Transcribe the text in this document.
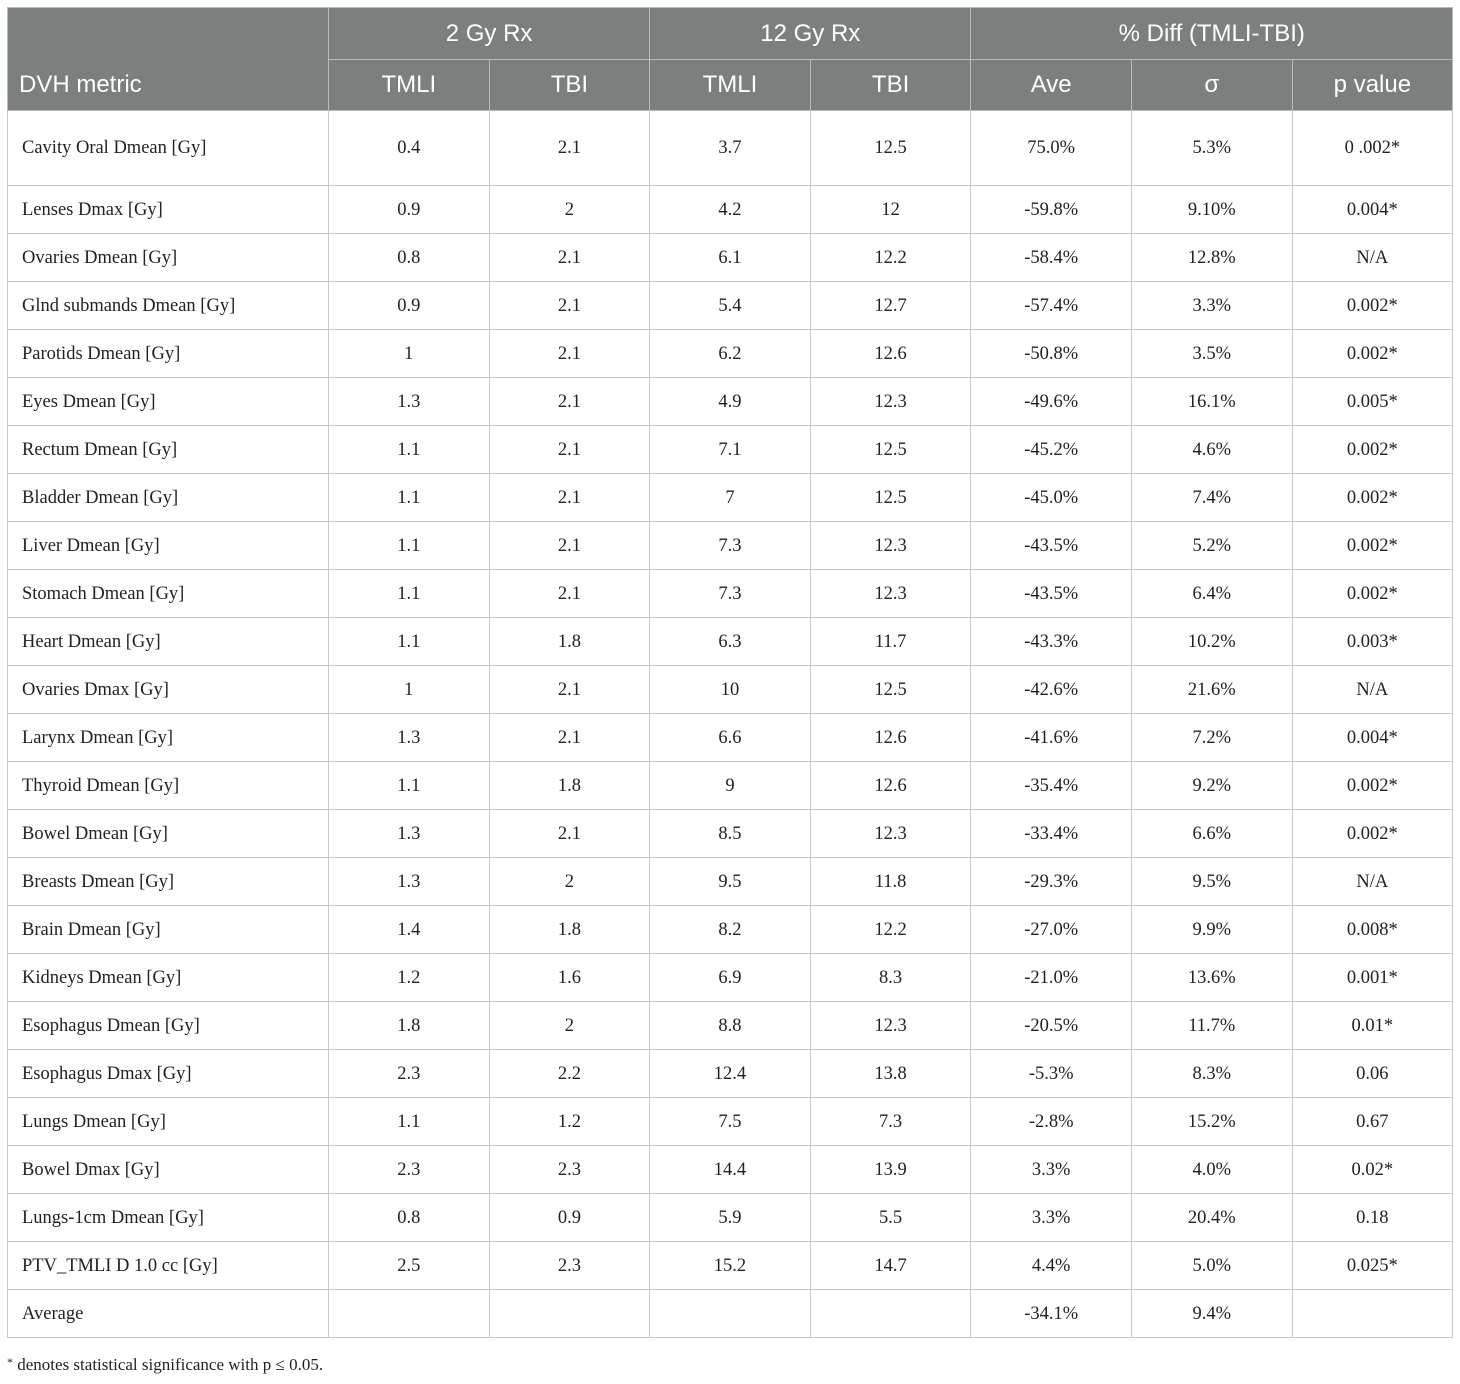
DVH metric	2 Gy Rx		12 Gy Rx		% Diff (TMLI-TBI)		
	TMLI	TBI	TMLI	TBI	Ave	σ	p value
Cavity Oral Dmean [Gy]	0.4	2.1	3.7	12.5	75.0%	5.3%	0 .002*
Lenses Dmax [Gy]	0.9	2	4.2	12	-59.8%	9.10%	0.004*
Ovaries Dmean [Gy]	0.8	2.1	6.1	12.2	-58.4%	12.8%	N/A
Glnd submands Dmean [Gy]	0.9	2.1	5.4	12.7	-57.4%	3.3%	0.002*
Parotids Dmean [Gy]	1	2.1	6.2	12.6	-50.8%	3.5%	0.002*
Eyes Dmean [Gy]	1.3	2.1	4.9	12.3	-49.6%	16.1%	0.005*
Rectum Dmean [Gy]	1.1	2.1	7.1	12.5	-45.2%	4.6%	0.002*
Bladder Dmean [Gy]	1.1	2.1	7	12.5	-45.0%	7.4%	0.002*
Liver Dmean [Gy]	1.1	2.1	7.3	12.3	-43.5%	5.2%	0.002*
Stomach Dmean [Gy]	1.1	2.1	7.3	12.3	-43.5%	6.4%	0.002*
Heart Dmean [Gy]	1.1	1.8	6.3	11.7	-43.3%	10.2%	0.003*
Ovaries Dmax [Gy]	1	2.1	10	12.5	-42.6%	21.6%	N/A
Larynx Dmean [Gy]	1.3	2.1	6.6	12.6	-41.6%	7.2%	0.004*
Thyroid Dmean [Gy]	1.1	1.8	9	12.6	-35.4%	9.2%	0.002*
Bowel Dmean [Gy]	1.3	2.1	8.5	12.3	-33.4%	6.6%	0.002*
Breasts Dmean [Gy]	1.3	2	9.5	11.8	-29.3%	9.5%	N/A
Brain Dmean [Gy]	1.4	1.8	8.2	12.2	-27.0%	9.9%	0.008*
Kidneys Dmean [Gy]	1.2	1.6	6.9	8.3	-21.0%	13.6%	0.001*
Esophagus Dmean [Gy]	1.8	2	8.8	12.3	-20.5%	11.7%	0.01*
Esophagus Dmax [Gy]	2.3	2.2	12.4	13.8	-5.3%	8.3%	0.06
Lungs Dmean [Gy]	1.1	1.2	7.5	7.3	-2.8%	15.2%	0.67
Bowel Dmax [Gy]	2.3	2.3	14.4	13.9	3.3%	4.0%	0.02*
Lungs-1cm Dmean [Gy]	0.8	0.9	5.9	5.5	3.3%	20.4%	0.18
PTV_TMLI D 1.0 cc [Gy]	2.5	2.3	15.2	14.7	4.4%	5.0%	0.025*
Average					-34.1%	9.4%	
* denotes statistical significance with p ≤ 0.05.
